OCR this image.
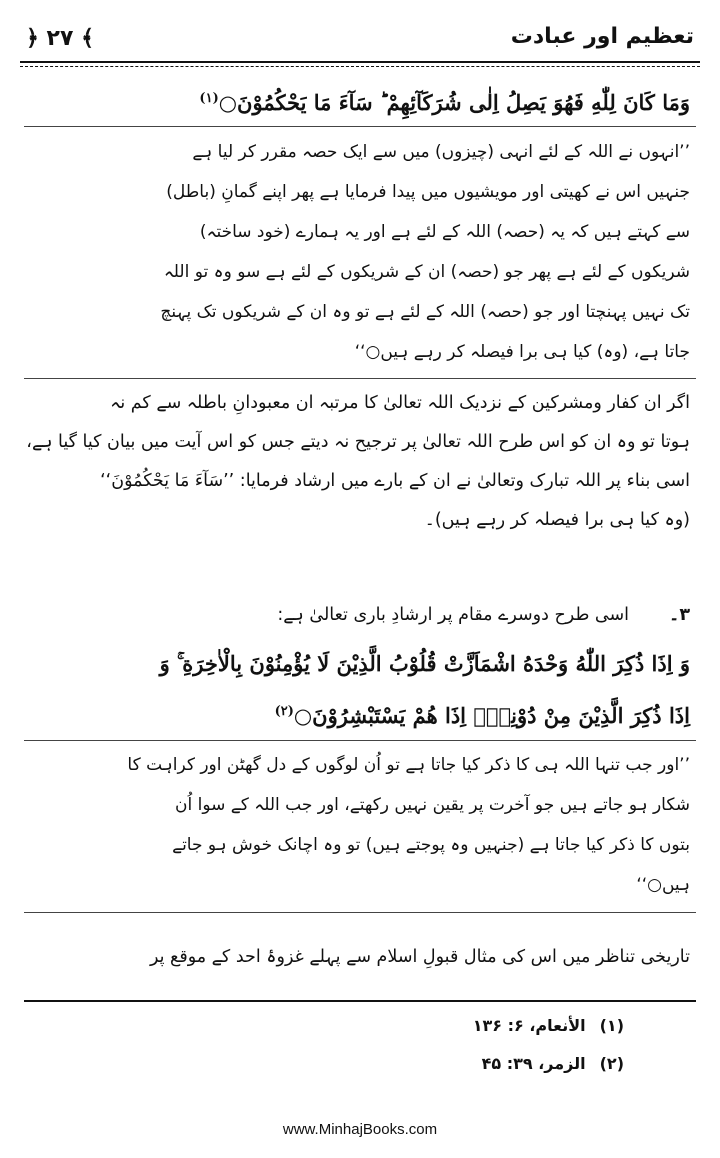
﴿ ۲۷ ﴾	تعظیم اور عبادت
وَمَا كَانَ لِلّٰهِ فَهُوَ يَصِلُ اِلٰى شُرَكَآئِهِمْ ؕ سَآءَ مَا يَحْكُمُوْنَ○$^{(۱)}$
’’انہوں نے اللہ کے لئے انہی (چیزوں) میں سے ایک حصہ مقرر کر لیا ہے
جنہیں اس نے کھیتی اور مویشیوں میں پیدا فرمایا ہے پھر اپنے گمانِ (باطل)
سے کہتے ہیں کہ یہ (حصہ) اللہ کے لئے ہے اور یہ ہمارے (خود ساختہ)
شریکوں کے لئے ہے پھر جو (حصہ) ان کے شریکوں کے لئے ہے سو وہ تو اللہ
تک نہیں پہنچتا اور جو (حصہ) اللہ کے لئے ہے تو وہ ان کے شریکوں تک پہنچ
جاتا ہے، (وہ) کیا ہی برا فیصلہ کر رہے ہیں○‘‘
اگر ان کفار ومشرکین کے نزدیک اللہ تعالیٰ کا مرتبہ ان معبودانِ باطلہ سے کم نہ
ہوتا تو وہ ان کو اس طرح اللہ تعالیٰ پر ترجیح نہ دیتے جس کو اس آیت میں بیان کیا گیا ہے،
اسی بناء پر اللہ تبارک وتعالیٰ نے ان کے بارے میں ارشاد فرمایا: ’’سَآءَ مَا يَحْكُمُوْنَ‘‘
(وہ کیا ہی برا فیصلہ کر رہے ہیں)۔
۳۔اسی طرح دوسرے مقام پر ارشادِ باری تعالیٰ ہے:
وَ اِذَا ذُكِرَ اللّٰهُ وَحْدَهُ اشْمَاَزَّتْ قُلُوْبُ الَّذِيْنَ لَا يُؤْمِنُوْنَ بِالْاٰخِرَةِ ۚ وَ
اِذَا ذُكِرَ الَّذِيْنَ مِنْ دُوْنِهٖۤ اِذَا هُمْ يَسْتَبْشِرُوْنَ○$^{(۲)}$
’’اور جب تنہا اللہ ہی کا ذکر کیا جاتا ہے تو اُن لوگوں کے دل گھٹن اور کراہت کا
شکار ہو جاتے ہیں جو آخرت پر یقین نہیں رکھتے، اور جب اللہ کے سوا اُن
بتوں کا ذکر کیا جاتا ہے (جنہیں وہ پوجتے ہیں) تو وہ اچانک خوش ہو جاتے
ہیں○‘‘
تاریخی تناظر میں اس کی مثال قبولِ اسلام سے پہلے غزوۂ احد کے موقع پر
(۱)الأنعام، ۶: ۱۳۶
(۲)الزمر، ۳۹: ۴۵
www.MinhajBooks.com
